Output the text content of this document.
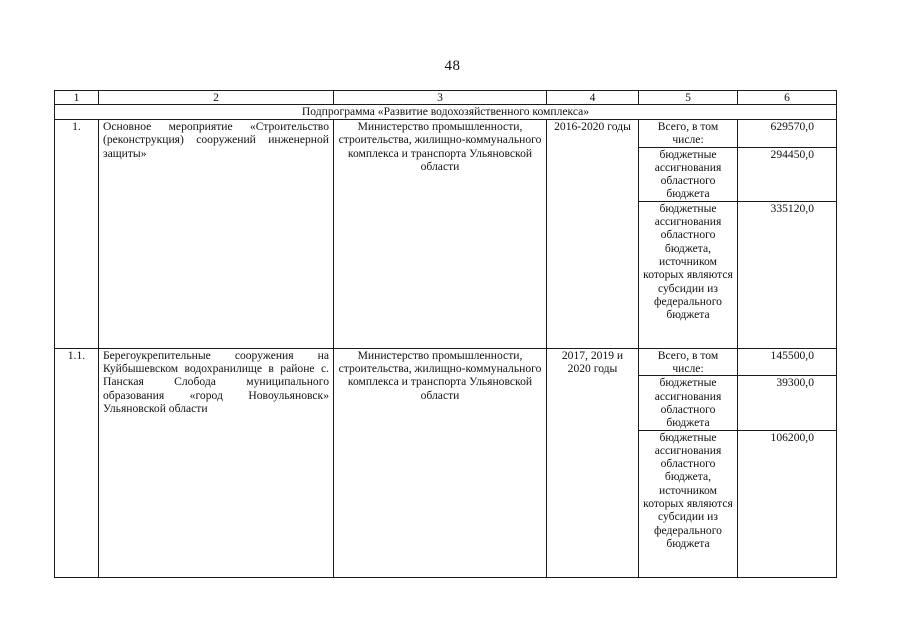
48
1	2	3	4	5	6
Подпрограмма «Развитие водохозяйственного комплекса»					
1.	Основное мероприятие «Строительство (реконструкция) сооружений инженерной защиты»	Министерство промышленности, строительства, жилищно-коммунального комплекса и транспорта Ульяновской области	2016-2020 годы	Всего, в том числе:	629570,0
				бюджетные ассигнования областного бюджета	294450,0
				бюджетные ассигнования областного бюджета, источником которых являются субсидии из федерального бюджета	335120,0
1.1.	Берегоукрепительные сооружения на Куйбышевском водохранилище в районе с. Панская Слобода муниципального образования «город Новоульяновск» Ульяновской области	Министерство промышленности, строительства, жилищно-коммунального комплекса и транспорта Ульяновской области	2017, 2019 и 2020 годы	Всего, в том числе:	145500,0
				бюджетные ассигнования областного бюджета	39300,0
				бюджетные ассигнования областного бюджета, источником которых являются субсидии из федерального бюджета	106200,0
